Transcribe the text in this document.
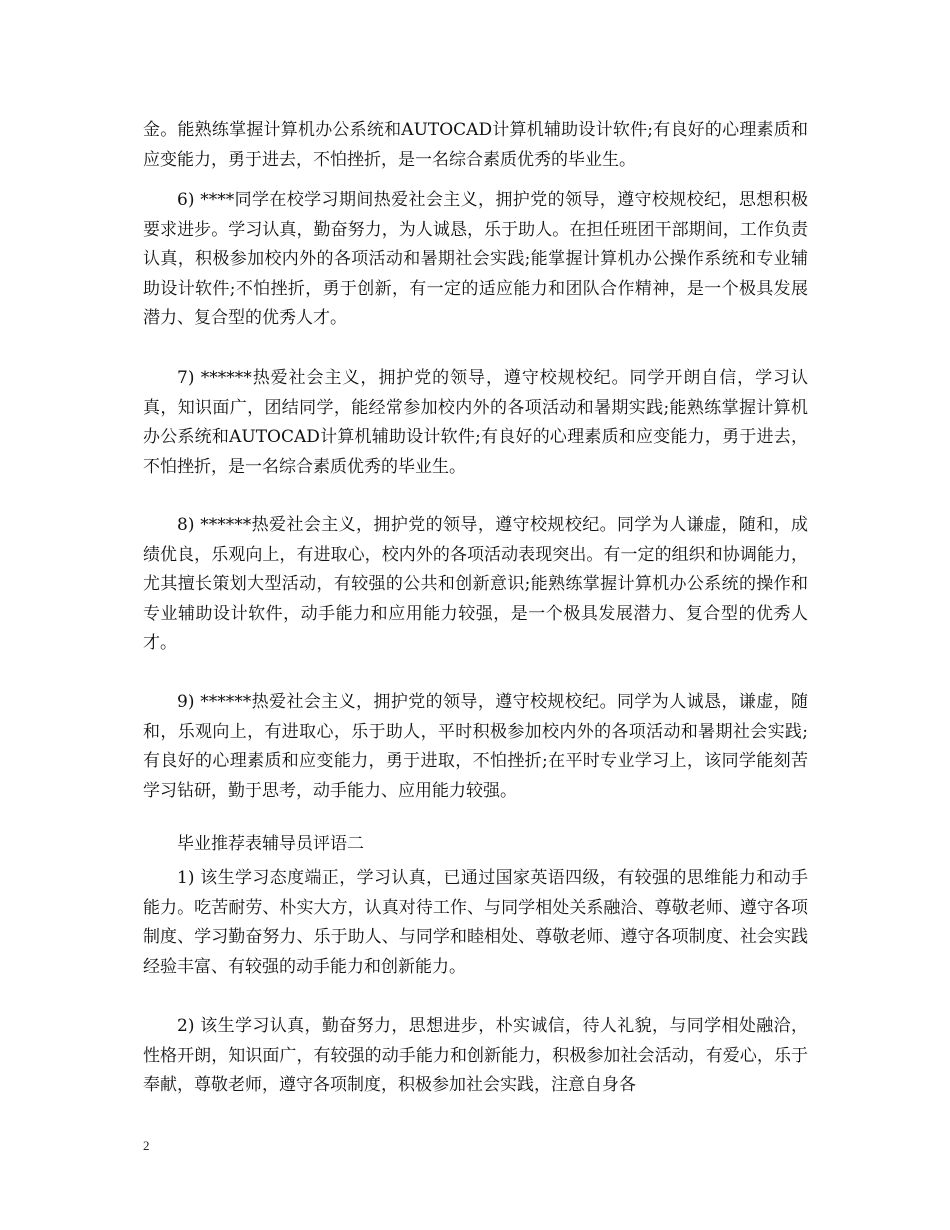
金。能熟练掌握计算机办公系统和AUTOCAD计算机辅助设计软件;有良好的心理素质和应变能力，勇于进去，不怕挫折，是一名综合素质优秀的毕业生。

6) ****同学在校学习期间热爱社会主义，拥护党的领导，遵守校规校纪，思想积极要求进步。学习认真，勤奋努力，为人诚恳，乐于助人。在担任班团干部期间，工作负责认真，积极参加校内外的各项活动和暑期社会实践;能掌握计算机办公操作系统和专业辅助设计软件;不怕挫折，勇于创新，有一定的适应能力和团队合作精神，是一个极具发展潜力、复合型的优秀人才。

7) ******热爱社会主义，拥护党的领导，遵守校规校纪。同学开朗自信，学习认真，知识面广，团结同学，能经常参加校内外的各项活动和暑期实践;能熟练掌握计算机办公系统和AUTOCAD计算机辅助设计软件;有良好的心理素质和应变能力，勇于进去，不怕挫折，是一名综合素质优秀的毕业生。

8) ******热爱社会主义，拥护党的领导，遵守校规校纪。同学为人谦虚，随和，成绩优良，乐观向上，有进取心，校内外的各项活动表现突出。有一定的组织和协调能力，尤其擅长策划大型活动，有较强的公共和创新意识;能熟练掌握计算机办公系统的操作和专业辅助设计软件，动手能力和应用能力较强，是一个极具发展潜力、复合型的优秀人才。

9) ******热爱社会主义，拥护党的领导，遵守校规校纪。同学为人诚恳，谦虚，随和，乐观向上，有进取心，乐于助人，平时积极参加校内外的各项活动和暑期社会实践;有良好的心理素质和应变能力，勇于进取，不怕挫折;在平时专业学习上，该同学能刻苦学习钻研，勤于思考，动手能力、应用能力较强。

毕业推荐表辅导员评语二

1) 该生学习态度端正，学习认真，已通过国家英语四级，有较强的思维能力和动手能力。吃苦耐劳、朴实大方，认真对待工作、与同学相处关系融洽、尊敬老师、遵守各项制度、学习勤奋努力、乐于助人、与同学和睦相处、尊敬老师、遵守各项制度、社会实践经验丰富、有较强的动手能力和创新能力。

2) 该生学习认真，勤奋努力，思想进步，朴实诚信，待人礼貌，与同学相处融洽，性格开朗，知识面广，有较强的动手能力和创新能力，积极参加社会活动，有爱心，乐于奉献，尊敬老师，遵守各项制度，积极参加社会实践，注意自身各

2
